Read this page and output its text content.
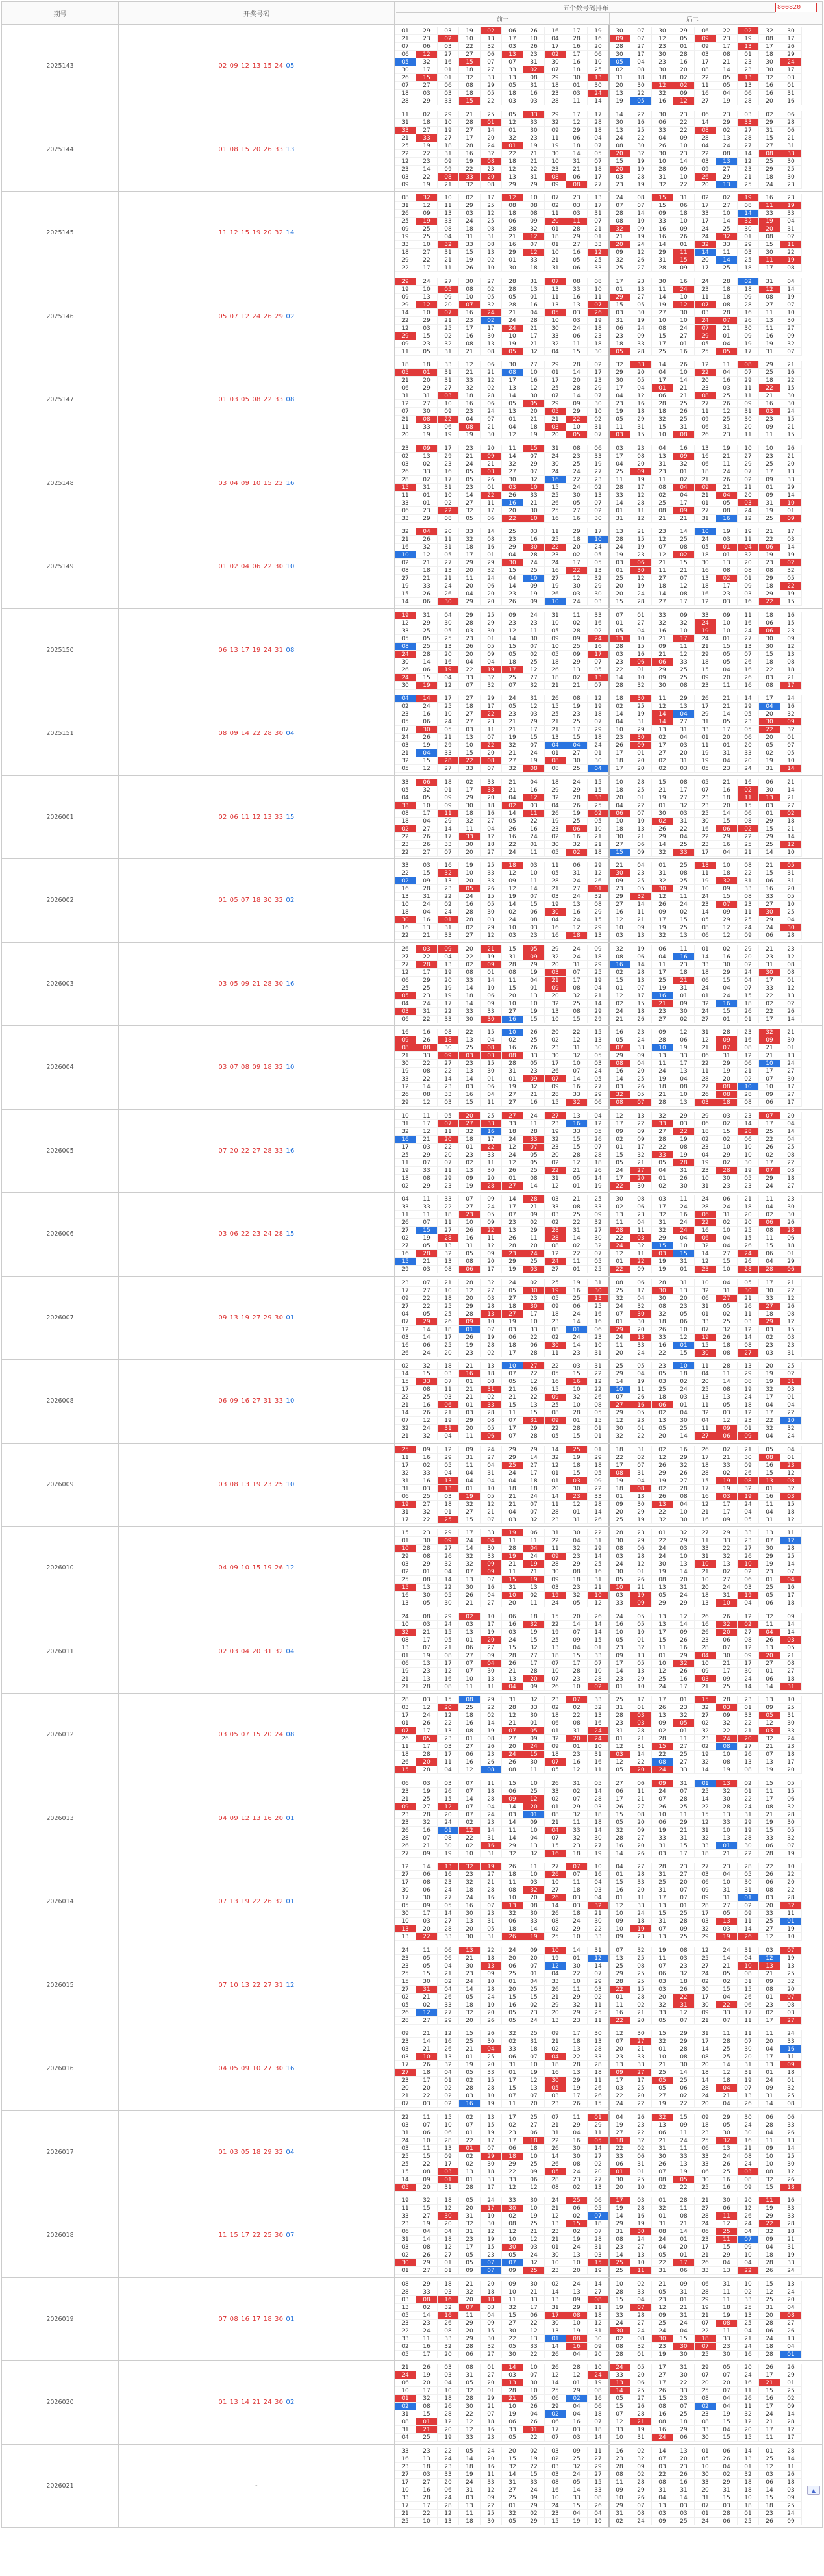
期号	开奖号码
五个数号码排布
前一	后二
800820
2025143	02 09 12 13 15 24 05
01	29	03	19	02	06	26	16	17	19	30	07	30	29	06	22	02	32	30
21	23	02	10	13	17	10	04	28	16	09	07	12	05	09	23	19	08	17
07	06	03	22	32	03	26	17	16	20	28	27	23	01	09	17	13	17	26
06	12	27	27	06	13	23	02	17	06	30	17	30	28	03	08	01	18	29
05	32	16	15	07	07	31	30	16	10	05	04	23	16	17	21	23	30	24
30	17	01	18	27	33	02	07	18	25	02	08	30	20	08	14	23	30	17
26	15	01	32	33	13	08	29	30	13	31	18	18	02	22	05	13	32	03
07	27	06	08	29	05	31	18	01	30	20	30	12	02	11	05	13	16	01
18	03	03	18	05	18	16	23	03	24	13	22	32	09	16	04	06	16	31
28	29	33	15	22	03	03	28	11	14	19	05	16	12	27	19	28	20	16
2025144	01 08 15 20 26 33 13
11	02	29	21	25	05	33	29	17	17	14	22	30	23	06	23	03	02	06
31	18	10	28	01	12	33	32	12	28	30	16	06	22	14	29	33	29	28
33	27	19	27	14	01	30	09	29	18	13	25	33	22	08	02	27	31	06
21	33	27	17	20	32	23	11	06	04	24	22	04	09	28	13	28	15	21
25	19	18	28	24	01	19	19	18	07	08	30	26	10	04	24	27	27	31
22	22	31	16	32	22	21	30	14	05	20	32	30	23	22	08	14	08	33
12	23	09	19	08	18	21	10	31	07	15	19	10	14	03	13	12	25	30
23	14	09	22	23	12	22	23	21	18	20	19	28	09	09	27	23	29	25
03	22	08	33	20	13	31	08	06	17	03	28	31	10	26	29	21	18	30
09	19	21	32	08	29	29	09	08	27	23	19	32	22	20	13	25	24	23
2025145	11 12 15 19 20 32 14
08	32	10	02	17	12	10	07	23	13	24	08	15	31	02	02	19	16	23
31	12	11	29	25	08	08	02	03	17	07	07	15	06	17	27	08	11	19
26	09	13	03	12	18	08	11	03	31	28	14	09	18	33	10	14	33	33
25	19	33	24	25	06	09	20	11	07	08	10	33	10	17	14	32	19	04
09	25	08	18	08	28	32	01	28	21	32	09	16	09	24	25	30	20	31
19	25	04	31	31	21	12	18	29	01	21	19	16	26	24	32	01	08	02
33	10	32	33	08	16	07	01	27	33	20	24	14	01	32	33	29	15	11
18	27	31	15	13	29	12	10	16	12	09	12	29	11	14	11	03	30	22
29	22	21	19	02	01	33	21	05	25	32	26	31	15	20	14	25	11	19
22	17	11	26	10	30	18	31	06	33	25	27	28	09	17	25	18	17	08
2025146	05 07 12 24 26 29 02
29	24	27	30	27	28	31	07	08	08	17	23	30	16	24	28	02	31	04
19	10	05	08	02	28	13	13	33	10	01	13	11	24	23	18	18	12	14
09	13	09	10	05	05	01	11	16	11	29	27	14	10	11	18	09	08	19
29	12	20	07	32	28	16	13	13	07	15	05	19	12	07	08	28	27	07
14	10	07	16	24	21	04	05	03	26	03	30	27	30	03	28	16	11	10
22	29	21	23	02	24	28	10	03	19	31	19	10	10	24	07	26	13	30
12	03	25	17	17	24	21	30	24	18	06	24	08	24	07	21	30	11	27
29	15	02	16	30	10	17	33	06	23	23	09	15	27	29	01	09	16	09
09	23	32	08	13	19	21	32	11	18	18	33	17	01	05	04	19	19	32
11	05	31	21	08	05	32	04	15	30	05	28	25	16	25	05	17	31	07
2025147	01 03 05 08 22 33 08
18	18	33	12	06	30	27	29	28	02	32	33	14	26	12	11	08	29	21
05	01	31	21	21	08	10	01	14	17	29	20	04	10	22	04	07	25	16
21	20	31	33	12	17	16	17	20	23	30	05	17	14	20	16	29	18	22
06	29	27	32	02	13	12	25	28	29	17	04	01	21	23	03	11	22	15
31	31	03	18	28	14	30	07	14	07	04	12	06	21	08	25	11	21	30
12	27	10	16	06	05	05	29	09	30	23	16	28	25	27	26	09	16	30
07	30	09	23	24	13	20	05	29	10	19	18	18	26	11	12	31	03	24
21	08	22	04	07	01	21	21	22	02	05	29	32	25	09	25	30	23	15
11	33	06	08	21	04	18	03	10	31	11	31	15	31	06	31	20	09	21
20	19	19	19	30	12	19	20	05	07	03	15	10	08	26	23	11	11	15
2025148	03 04 09 10 15 22 16
23	09	17	23	20	11	15	31	08	06	03	23	04	16	13	19	10	10	26
02	13	29	21	09	14	07	24	23	33	17	08	13	09	16	21	27	23	21
03	02	23	24	21	32	29	30	25	19	04	20	31	32	06	11	29	25	20
26	33	16	05	03	27	07	24	24	27	25	09	23	01	18	24	07	17	13
28	02	17	05	26	30	32	16	22	23	11	19	11	02	21	26	02	09	33
15	31	31	23	01	03	10	15	24	02	28	17	08	04	09	21	21	01	29
11	01	10	14	22	26	33	25	30	13	33	12	02	04	21	04	20	09	14
33	01	02	27	11	16	21	26	05	07	14	28	25	17	01	05	03	31	10
06	23	22	32	17	20	30	25	27	02	01	11	08	09	27	08	24	19	01
33	29	08	05	06	22	10	16	16	30	31	12	21	21	31	16	12	25	09
2025149	01 02 04 06 22 30 10
32	04	20	33	14	25	03	11	29	17	13	21	23	14	10	19	19	21	17
21	26	11	32	08	23	16	25	18	10	28	15	12	25	24	03	11	22	03
16	32	31	18	16	29	30	22	20	24	24	19	07	08	05	01	04	06	14
10	12	05	17	01	04	28	23	02	05	19	23	12	02	18	01	32	19	19
02	21	27	29	29	30	24	24	17	05	03	06	21	15	30	13	20	23	02
08	18	13	20	32	15	25	16	22	13	01	30	11	21	16	08	08	08	32
27	21	21	11	24	04	10	27	12	32	25	12	27	07	13	02	01	29	05
19	33	24	20	06	14	09	19	30	29	20	19	18	12	18	17	09	18	22
15	26	26	04	20	23	19	26	03	30	20	24	14	08	16	23	03	29	19
14	06	30	29	20	26	09	10	24	03	15	28	27	17	12	03	16	22	15
2025150	06 13 17 19 24 31 08
19	31	04	29	25	09	24	31	11	33	07	01	33	09	33	09	11	18	16
12	29	30	28	29	23	23	10	02	16	01	27	32	32	24	10	16	06	15
33	25	05	03	30	12	11	05	28	02	05	04	16	10	19	10	24	06	23
05	05	25	23	01	14	30	09	09	24	13	10	21	17	24	01	27	30	09
08	25	13	26	05	15	07	10	25	16	28	15	09	11	21	15	13	30	12
24	28	20	20	09	05	02	05	09	17	03	16	21	12	29	05	07	15	13
30	14	16	04	04	18	25	18	29	07	23	06	06	33	18	05	26	18	08
26	06	19	22	19	17	12	26	13	05	22	01	29	25	15	04	16	22	18
24	15	04	33	32	25	27	18	02	13	14	10	09	25	09	20	26	03	21
30	19	12	07	32	07	32	21	21	07	28	32	30	08	23	11	16	08	17
2025151	08 09 14 22 28 30 04
04	14	17	27	29	24	31	26	08	12	18	30	11	29	26	21	14	17	24
02	24	25	18	17	05	12	15	19	19	02	25	12	13	17	21	29	04	16
23	16	10	27	22	23	03	25	23	18	14	19	14	04	29	14	05	20	32
05	06	24	27	23	21	29	21	25	07	04	31	14	27	31	05	23	30	09
07	30	05	03	11	21	17	21	17	29	10	29	13	31	33	17	05	22	32
24	26	21	13	07	19	15	13	15	18	23	30	02	04	01	20	06	20	01
03	19	29	10	22	32	07	04	04	24	26	09	17	03	11	01	20	05	07
21	04	33	15	20	21	24	01	27	01	17	01	27	20	19	31	33	02	05
32	15	28	22	08	27	19	08	30	30	18	20	02	31	19	04	20	19	10
05	12	27	33	07	32	08	08	25	04	17	20	02	03	05	23	24	31	14
2026001	02 06 11 12 13 33 15
33	06	18	02	33	21	04	18	24	15	10	28	15	08	05	21	16	06	21
05	32	01	17	33	21	16	29	29	15	18	25	21	17	07	16	02	30	14
04	05	09	29	20	04	12	32	28	33	20	01	19	27	23	18	11	13	21
33	10	09	30	18	02	03	04	26	25	04	22	01	32	23	20	15	03	27
08	17	11	18	16	14	11	26	19	02	06	07	30	03	25	14	06	01	02
18	04	29	32	27	05	22	19	25	05	10	10	02	31	30	15	08	29	18
02	27	14	11	04	26	16	23	06	10	18	13	26	22	16	06	02	15	21
22	26	17	33	12	16	24	02	16	21	30	21	29	04	22	29	22	29	14
23	26	33	30	18	22	01	30	32	21	27	06	14	25	23	16	25	25	12
22	27	07	20	27	24	11	05	02	18	15	09	32	33	17	04	21	14	10
2026002	01 05 07 18 30 32 02
33	03	16	19	25	18	03	11	06	29	21	04	01	25	18	10	08	21	05
22	15	32	10	33	12	10	05	31	12	30	23	31	08	11	18	22	15	31
02	09	13	20	33	09	11	28	24	26	09	25	32	25	19	32	31	06	31
16	28	23	05	26	12	14	21	27	01	23	05	30	29	10	09	33	16	20
13	31	22	24	15	19	07	03	24	32	29	32	12	11	24	15	08	33	05
10	24	02	16	05	14	15	19	13	08	27	14	26	24	23	07	23	27	10
18	04	24	28	30	02	06	30	16	29	16	11	09	02	14	09	11	30	25
30	16	01	28	03	24	08	04	24	15	12	21	17	15	05	29	25	29	04
16	13	31	02	29	10	03	16	12	29	10	09	19	25	08	12	24	24	30
22	21	33	27	12	03	23	16	18	13	03	13	32	13	06	12	09	06	28
2026003	03 05 09 21 28 30 16
26	03	09	20	21	15	05	29	24	09	32	19	06	11	01	02	29	21	23
27	22	04	22	19	31	09	32	24	18	08	06	04	16	14	16	20	23	12
27	28	13	02	09	28	29	20	31	29	16	14	11	23	33	30	02	31	08
12	17	19	08	01	08	19	03	07	25	02	28	17	18	18	29	24	30	08
06	29	20	33	14	11	04	21	17	19	15	13	25	21	06	15	04	17	01
25	25	19	14	10	15	01	09	08	04	01	07	19	31	24	04	07	33	12
05	23	19	18	06	20	13	20	32	21	12	17	16	01	01	24	15	22	13
04	24	17	14	09	10	10	32	25	14	02	15	21	09	32	16	18	02	02
03	31	22	33	33	27	19	13	08	29	24	18	23	30	24	15	26	22	26
06	22	33	30	30	16	15	10	15	29	21	26	27	02	27	01	01	17	14
2026004	03 07 08 09 18 32 10
16	16	08	22	15	10	26	20	22	15	16	23	09	12	31	28	23	32	21
09	26	18	13	04	02	25	02	12	13	05	24	28	06	12	09	16	09	30
08	08	30	25	08	16	26	23	31	30	07	33	10	19	21	07	08	21	01
21	33	09	03	03	08	33	30	32	05	29	09	13	33	06	31	12	21	13
30	22	27	23	15	28	05	17	10	03	08	04	11	17	22	29	06	10	24
19	08	22	13	30	31	23	26	07	24	16	20	24	13	11	19	21	17	27
33	22	14	14	01	01	09	07	14	05	14	25	19	04	28	20	02	07	30
12	14	23	03	06	19	32	09	16	27	03	26	18	08	27	08	10	10	17
26	08	33	16	04	27	21	28	33	29	32	05	21	10	26	08	28	09	27
29	12	03	15	11	27	16	15	32	06	08	07	28	13	03	18	08	06	17
2026005	07 20 22 27 28 33 16
10	11	05	20	25	27	24	27	13	04	12	13	32	29	29	03	23	07	20
31	17	07	27	33	33	11	23	16	12	17	22	33	03	06	02	14	17	04
32	12	11	32	16	18	28	19	33	05	09	09	27	22	18	15	28	25	14
16	21	20	18	17	24	33	32	15	26	02	09	28	19	02	02	06	22	04
17	03	22	01	22	12	07	23	15	07	01	17	22	08	23	10	10	26	25
25	29	20	23	33	24	05	20	28	28	15	32	33	19	04	29	10	02	08
11	07	07	02	11	12	05	02	12	18	05	21	05	28	19	02	30	17	22
19	33	11	13	30	26	25	22	21	26	24	27	04	31	23	28	19	07	03
18	08	29	09	20	01	08	31	05	14	17	20	01	26	10	30	05	29	18
02	29	23	19	28	27	14	12	01	19	22	30	02	30	31	23	23	24	27
2026006	03 06 22 23 24 28 15
04	11	33	07	09	14	28	03	21	25	30	08	03	11	24	06	21	11	23
33	33	22	27	24	17	21	33	08	33	02	06	17	24	28	24	18	04	30
11	11	18	23	05	07	09	03	25	09	13	23	32	16	06	31	20	02	30
26	07	11	10	09	23	02	02	22	32	11	04	31	24	22	02	20	06	26
27	15	27	26	22	13	29	28	31	27	28	11	32	24	16	10	25	08	28
02	19	28	16	11	26	11	28	14	30	22	03	29	04	06	04	15	11	06
27	05	13	31	12	28	20	08	02	32	24	32	15	10	32	04	26	15	18
16	28	32	05	09	23	24	12	22	07	12	11	03	15	14	27	24	06	01
15	21	13	08	20	29	25	24	11	05	01	22	19	31	12	15	26	04	29
29	03	08	06	17	19	03	27	01	25	22	09	19	01	23	10	28	28	06
2026007	09 13 19 27 29 30 01
23	07	21	28	32	24	02	25	19	31	08	06	28	31	10	04	05	17	21
17	27	10	12	27	05	30	19	16	30	25	17	30	13	32	31	30	30	22
09	22	18	20	03	27	23	05	25	13	32	04	30	20	06	27	21	33	12
27	22	25	29	28	18	30	09	06	25	24	32	08	23	31	05	26	27	26
04	05	25	28	13	27	17	18	24	16	07	30	32	05	01	02	11	18	08
07	29	26	09	10	19	10	23	14	16	01	30	18	06	33	25	03	29	12
12	14	18	01	07	03	33	08	01	06	29	20	26	10	07	32	12	03	15
03	14	17	26	19	06	22	02	24	23	24	13	33	12	19	26	14	02	03
16	06	25	19	28	18	06	30	14	10	11	33	16	01	15	18	08	23	23
26	24	20	23	02	17	28	11	23	31	20	24	22	15	30	08	27	03	31
2026008	06 09 16 27 31 33 10
02	32	18	21	13	10	27	22	03	31	25	05	23	10	11	28	13	20	25
14	15	03	16	18	07	22	05	15	22	29	04	05	18	04	11	29	19	02
15	33	07	01	08	05	12	16	16	12	14	19	03	02	20	14	08	19	31
17	08	11	21	31	21	26	15	10	22	10	11	25	24	25	08	19	32	03
22	25	03	21	02	21	22	09	32	26	07	26	18	03	13	13	24	17	01
21	16	06	01	33	15	13	25	10	08	27	16	06	01	11	05	18	04	04
14	26	21	03	28	11	15	08	28	05	29	05	02	04	32	03	12	17	22
07	12	19	29	08	07	31	09	01	15	12	23	13	30	04	12	23	22	10
32	24	31	20	05	17	29	22	28	01	30	01	05	25	11	09	01	32	32
21	32	04	11	06	07	28	05	15	01	32	22	20	14	27	06	09	04	24
2026009	03 08 13 19 23 25 10
25	09	12	09	24	29	29	14	25	01	18	31	02	16	26	02	21	05	04
11	16	29	31	27	29	14	32	19	29	22	02	12	29	17	21	30	08	01
17	02	05	11	04	25	27	12	18	18	17	07	26	32	18	33	09	16	23
32	33	04	04	31	24	17	01	15	05	08	31	29	26	28	02	26	15	12
31	16	13	04	04	04	18	01	03	09	19	04	19	27	15	19	08	13	08
31	03	13	01	10	18	18	20	30	22	18	08	02	28	17	19	32	01	32
06	25	03	19	05	21	24	14	23	33	01	13	26	08	16	03	19	16	03
19	27	18	32	12	21	07	11	12	28	09	30	13	04	12	17	24	11	15
31	32	01	27	21	04	07	28	01	14	20	29	22	10	21	17	04	04	18
17	22	25	15	07	03	32	23	31	26	25	19	32	30	16	09	05	31	12
2026010	04 09 10 15 19 26 12
15	23	29	17	33	19	06	31	30	22	28	23	01	32	27	29	33	13	11
01	30	09	24	04	11	11	22	04	31	30	29	22	29	11	33	23	07	12
10	28	27	14	30	28	04	11	32	29	08	06	24	03	33	22	27	30	28
29	08	26	32	33	19	24	09	23	14	03	28	24	10	31	32	26	29	25
03	29	32	32	09	21	19	28	29	25	24	12	30	13	10	13	10	19	14
02	01	04	07	09	11	21	30	08	16	30	01	19	14	21	02	02	23	07
25	08	14	13	07	15	19	09	18	31	05	26	08	20	10	27	06	01	04
15	13	22	30	16	31	13	03	23	21	10	21	13	31	20	24	03	25	16
16	30	05	26	04	10	02	19	32	10	03	19	05	24	18	31	19	05	17
13	05	30	21	27	20	11	24	05	12	33	09	29	29	13	10	04	06	18
2026011	02 03 04 20 31 32 04
24	08	29	02	10	06	18	15	20	26	24	05	13	12	26	26	12	32	09
10	03	24	03	17	16	32	22	14	14	16	05	13	14	16	32	02	11	14
32	21	15	13	19	03	19	19	07	14	10	10	17	09	26	20	27	04	14
08	17	05	01	20	24	15	25	09	15	05	01	15	26	23	06	08	26	03
13	07	21	06	27	15	32	13	04	01	23	32	11	16	28	07	12	13	05
01	19	08	27	09	28	27	18	15	33	09	13	01	29	04	30	09	20	21
06	13	17	07	04	26	17	07	17	07	17	05	10	32	10	21	17	27	08
19	23	12	07	30	21	28	10	28	10	14	13	12	26	09	17	30	01	27
21	13	16	10	13	13	20	07	23	28	23	29	25	16	03	09	24	06	18
21	28	08	11	11	04	09	26	10	02	01	10	24	17	21	25	14	14	31
2026012	03 05 07 15 20 24 08
28	03	15	08	29	31	32	23	07	33	25	17	17	01	15	28	23	13	10
03	12	20	25	22	28	33	02	02	32	31	01	26	23	32	03	01	09	25
17	24	12	18	02	12	30	18	22	13	28	03	13	32	27	09	33	05	31
01	26	22	16	14	21	01	06	08	16	23	03	09	05	02	32	22	12	30
07	17	13	08	19	07	05	01	31	24	31	28	02	01	32	22	21	03	33
26	05	23	01	08	27	09	32	20	24	01	21	28	11	23	24	20	32	24
11	17	03	27	26	20	24	09	01	10	12	31	15	27	02	08	27	21	23
18	28	17	06	23	24	15	18	23	31	03	14	22	25	19	10	26	07	18
26	20	11	16	26	26	30	07	16	16	12	22	08	27	32	08	13	13	17
15	28	04	12	08	08	11	05	12	11	05	20	24	33	14	19	08	19	20
2026013	04 09 12 13 16 20 01
06	03	03	07	11	15	10	26	31	05	27	06	09	31	01	13	02	15	05
23	19	26	07	18	06	25	33	02	14	06	11	24	07	25	32	01	11	15
21	25	15	14	28	09	12	02	07	28	17	21	07	28	14	30	22	17	06
09	27	12	07	04	14	20	01	29	03	26	27	26	25	22	28	24	08	32
23	28	20	07	24	03	01	08	32	18	15	08	10	11	15	13	31	21	28
23	32	24	02	23	14	09	21	11	18	05	20	06	29	12	33	29	19	30
26	16	01	12	14	11	10	04	33	14	32	09	19	21	31	10	19	15	05
28	07	08	22	31	14	04	07	32	30	28	27	33	31	32	13	28	33	32
26	21	30	02	16	29	13	15	23	27	16	20	31	15	33	01	30	06	07
27	09	19	10	31	32	32	16	18	19	14	26	03	17	18	21	22	28	19
2026014	07 13 19 22 26 32 01
12	14	13	32	19	26	11	27	07	10	04	27	28	23	27	23	28	22	10
27	06	16	23	27	18	10	26	07	16	01	28	31	27	03	04	05	26	22
17	08	23	32	21	11	03	10	11	04	15	33	25	20	06	10	30	06	20
30	06	24	18	28	08	32	27	18	03	16	20	31	07	09	31	31	08	22
17	30	27	24	16	10	20	26	03	04	01	11	17	07	09	31	01	03	28
05	09	05	16	07	13	08	14	03	32	12	33	13	01	28	27	02	20	32
30	17	14	30	23	32	30	26	18	21	10	24	15	25	17	05	09	33	11
10	03	27	13	31	06	33	08	24	30	09	18	31	28	03	13	11	25	01
13	20	28	20	05	18	14	02	29	22	10	19	07	09	32	03	14	27	19
13	22	33	30	31	26	19	25	10	33	09	23	13	25	29	19	26	12	10
2026015	07 10 13 22 27 31 12
24	11	06	13	22	24	09	10	14	31	07	32	19	08	12	24	31	03	07
23	05	06	21	18	20	20	19	01	12	13	25	11	03	25	14	04	12	19
23	05	04	30	13	06	07	12	30	14	25	08	07	23	27	21	10	13	13
25	15	21	23	09	25	01	04	22	07	29	25	06	32	24	05	08	21	25
15	30	02	24	10	01	04	33	10	29	28	25	03	18	02	02	31	09	32
27	31	04	14	28	20	25	26	11	03	22	15	03	26	30	15	15	08	20
02	21	26	05	24	15	15	21	29	02	01	28	20	22	17	04	26	01	07
05	02	33	18	10	16	02	29	32	11	11	02	32	31	30	22	06	23	08
26	12	27	32	20	05	23	20	29	25	16	21	33	12	09	33	17	02	03
28	27	29	20	26	05	24	13	23	11	22	20	05	07	21	07	11	17	27
2026016	04 05 09 10 27 30 16
09	21	12	15	26	32	25	09	17	30	12	30	15	29	31	11	11	11	24
23	14	16	25	30	02	31	21	18	13	07	27	32	29	17	28	07	20	33
03	21	26	21	04	33	18	02	13	28	20	21	01	28	14	25	30	04	16
03	10	13	01	25	06	07	04	22	33	23	33	10	08	08	25	20	17	11
17	26	32	19	20	31	10	18	28	28	13	33	21	30	20	14	31	13	09
27	18	04	05	33	01	19	16	13	18	09	27	25	14	18	12	31	01	18
23	17	01	02	15	17	12	30	29	11	17	17	05	25	14	18	19	24	01
20	20	02	28	28	15	13	05	19	26	03	25	05	06	28	04	07	09	32
21	22	02	03	10	07	07	03	17	26	22	20	27	02	24	21	13	31	25
07	03	02	16	19	11	20	23	26	15	24	22	19	22	20	04	26	14	08
2026017	01 03 05 18 29 32 04
22	11	15	02	13	17	25	07	11	01	04	26	32	15	09	29	30	06	06
03	07	10	07	15	02	27	21	29	29	19	23	13	09	18	05	24	28	33
31	06	06	01	19	23	06	31	04	11	27	22	06	11	23	30	30	04	26
24	10	28	22	17	17	18	22	16	05	18	32	21	24	25	32	16	11	13
03	11	13	01	07	06	18	26	30	14	22	02	31	11	06	13	21	09	14
25	15	09	02	29	18	10	14	30	27	33	06	30	33	33	24	08	10	25
25	22	17	02	30	29	25	26	08	02	06	31	26	13	33	26	24	10	30
15	08	03	13	18	22	09	05	24	20	01	01	07	19	06	25	03	08	12
14	09	01	01	33	33	06	28	23	27	30	25	08	05	30	16	08	32	26
05	20	31	28	17	12	12	08	02	13	20	10	02	22	25	16	09	15	18
2026018	11 15 17 22 25 30 07
19	32	18	05	24	33	30	24	25	06	17	03	01	28	21	30	20	11	16
11	15	12	20	17	30	10	21	06	05	19	28	32	11	27	06	12	19	33
33	27	30	31	10	02	19	12	02	07	14	16	01	08	28	11	26	29	33
23	19	20	32	30	08	25	13	15	18	29	19	31	21	24	12	24	22	28
06	04	04	31	12	12	21	23	02	07	31	30	08	14	06	25	04	32	18
31	14	18	23	19	10	12	21	19	28	08	24	24	01	23	11	07	09	21
03	08	12	17	15	30	03	01	24	31	23	27	04	20	17	15	09	04	31
02	26	27	05	23	05	24	30	13	03	14	13	05	01	21	29	10	18	19
30	29	01	05	07	07	32	10	10	15	25	10	22	17	26	04	04	28	33
01	27	01	09	07	09	25	23	20	19	25	11	31	06	33	13	22	26	24
2026019	07 08 16 17 18 30 01
08	29	18	21	20	09	30	02	24	14	10	02	21	09	06	31	10	15	13
28	33	03	32	18	10	21	14	13	27	28	33	05	31	28	11	02	12	24
03	08	16	20	18	11	33	13	09	08	15	04	23	01	29	11	33	25	20
13	02	32	07	03	32	17	31	29	11	19	07	12	21	19	18	25	31	04
05	14	16	11	04	15	06	17	08	18	33	28	09	31	21	19	13	20	08
23	23	26	29	09	27	22	30	10	12	24	27	25	24	07	08	25	28	27
22	24	08	20	15	30	12	13	19	31	30	24	24	04	22	11	04	06	26
33	11	33	29	30	22	13	01	08	30	02	08	30	15	18	33	21	24	13
02	16	32	28	32	05	33	14	16	09	08	32	23	30	07	23	24	18	04
05	17	20	06	27	30	22	26	04	20	28	01	19	30	25	30	16	28	01
2026020	01 13 14 21 24 30 02
21	26	03	08	01	14	10	26	28	10	24	05	17	31	29	05	20	26	26
24	19	03	31	27	03	07	12	12	24	33	20	27	30	07	07	24	17	29
06	20	04	05	20	13	30	14	01	19	13	06	17	22	20	20	16	21	01
10	17	10	32	01	28	10	25	29	08	14	25	26	33	25	07	11	15	25
01	32	18	28	29	21	05	06	02	16	05	27	15	23	08	04	26	16	02
02	08	26	30	21	10	26	29	04	06	15	26	08	07	02	04	11	17	09
31	15	28	22	07	19	04	02	04	18	07	28	16	25	23	19	32	24	14
08	01	12	12	18	06	26	06	16	07	12	21	08	18	08	15	12	21	28
31	21	20	12	16	33	01	17	03	18	33	19	16	29	33	04	20	17	12
04	25	19	33	23	05	22	07	03	14	10	31	24	06	30	15	15	11	17
2026021	-
33	23	22	05	24	20	02	03	09	11	16	02	14	13	01	06	14	01	28
16	13	24	14	20	15	19	02	25	27	23	32	07	20	05	26	13	25	14
23	18	23	18	16	32	22	03	32	29	28	09	03	23	10	04	01	12	11
27	03	33	19	11	14	15	03	24	27	08	02	22	26	30	02	32	03	26
17	27	20	24	33	31	33	08	05	15	11	28	08	16	33	29	18	06	18
10	16	06	31	12	27	24	16	14	33	09	29	31	31	20	31	18	14	03
33	28	24	03	09	25	09	10	33	08	10	26	04	14	31	15	10	15	09
17	17	28	13	22	01	29	24	15	26	29	07	13	03	07	03	18	18	25
21	22	12	11	25	32	02	23	04	04	31	08	03	03	01	28	01	23	24
25	10	13	18	30	05	29	15	19	10	02	24	09	25	24	06	25	26	09
▲
